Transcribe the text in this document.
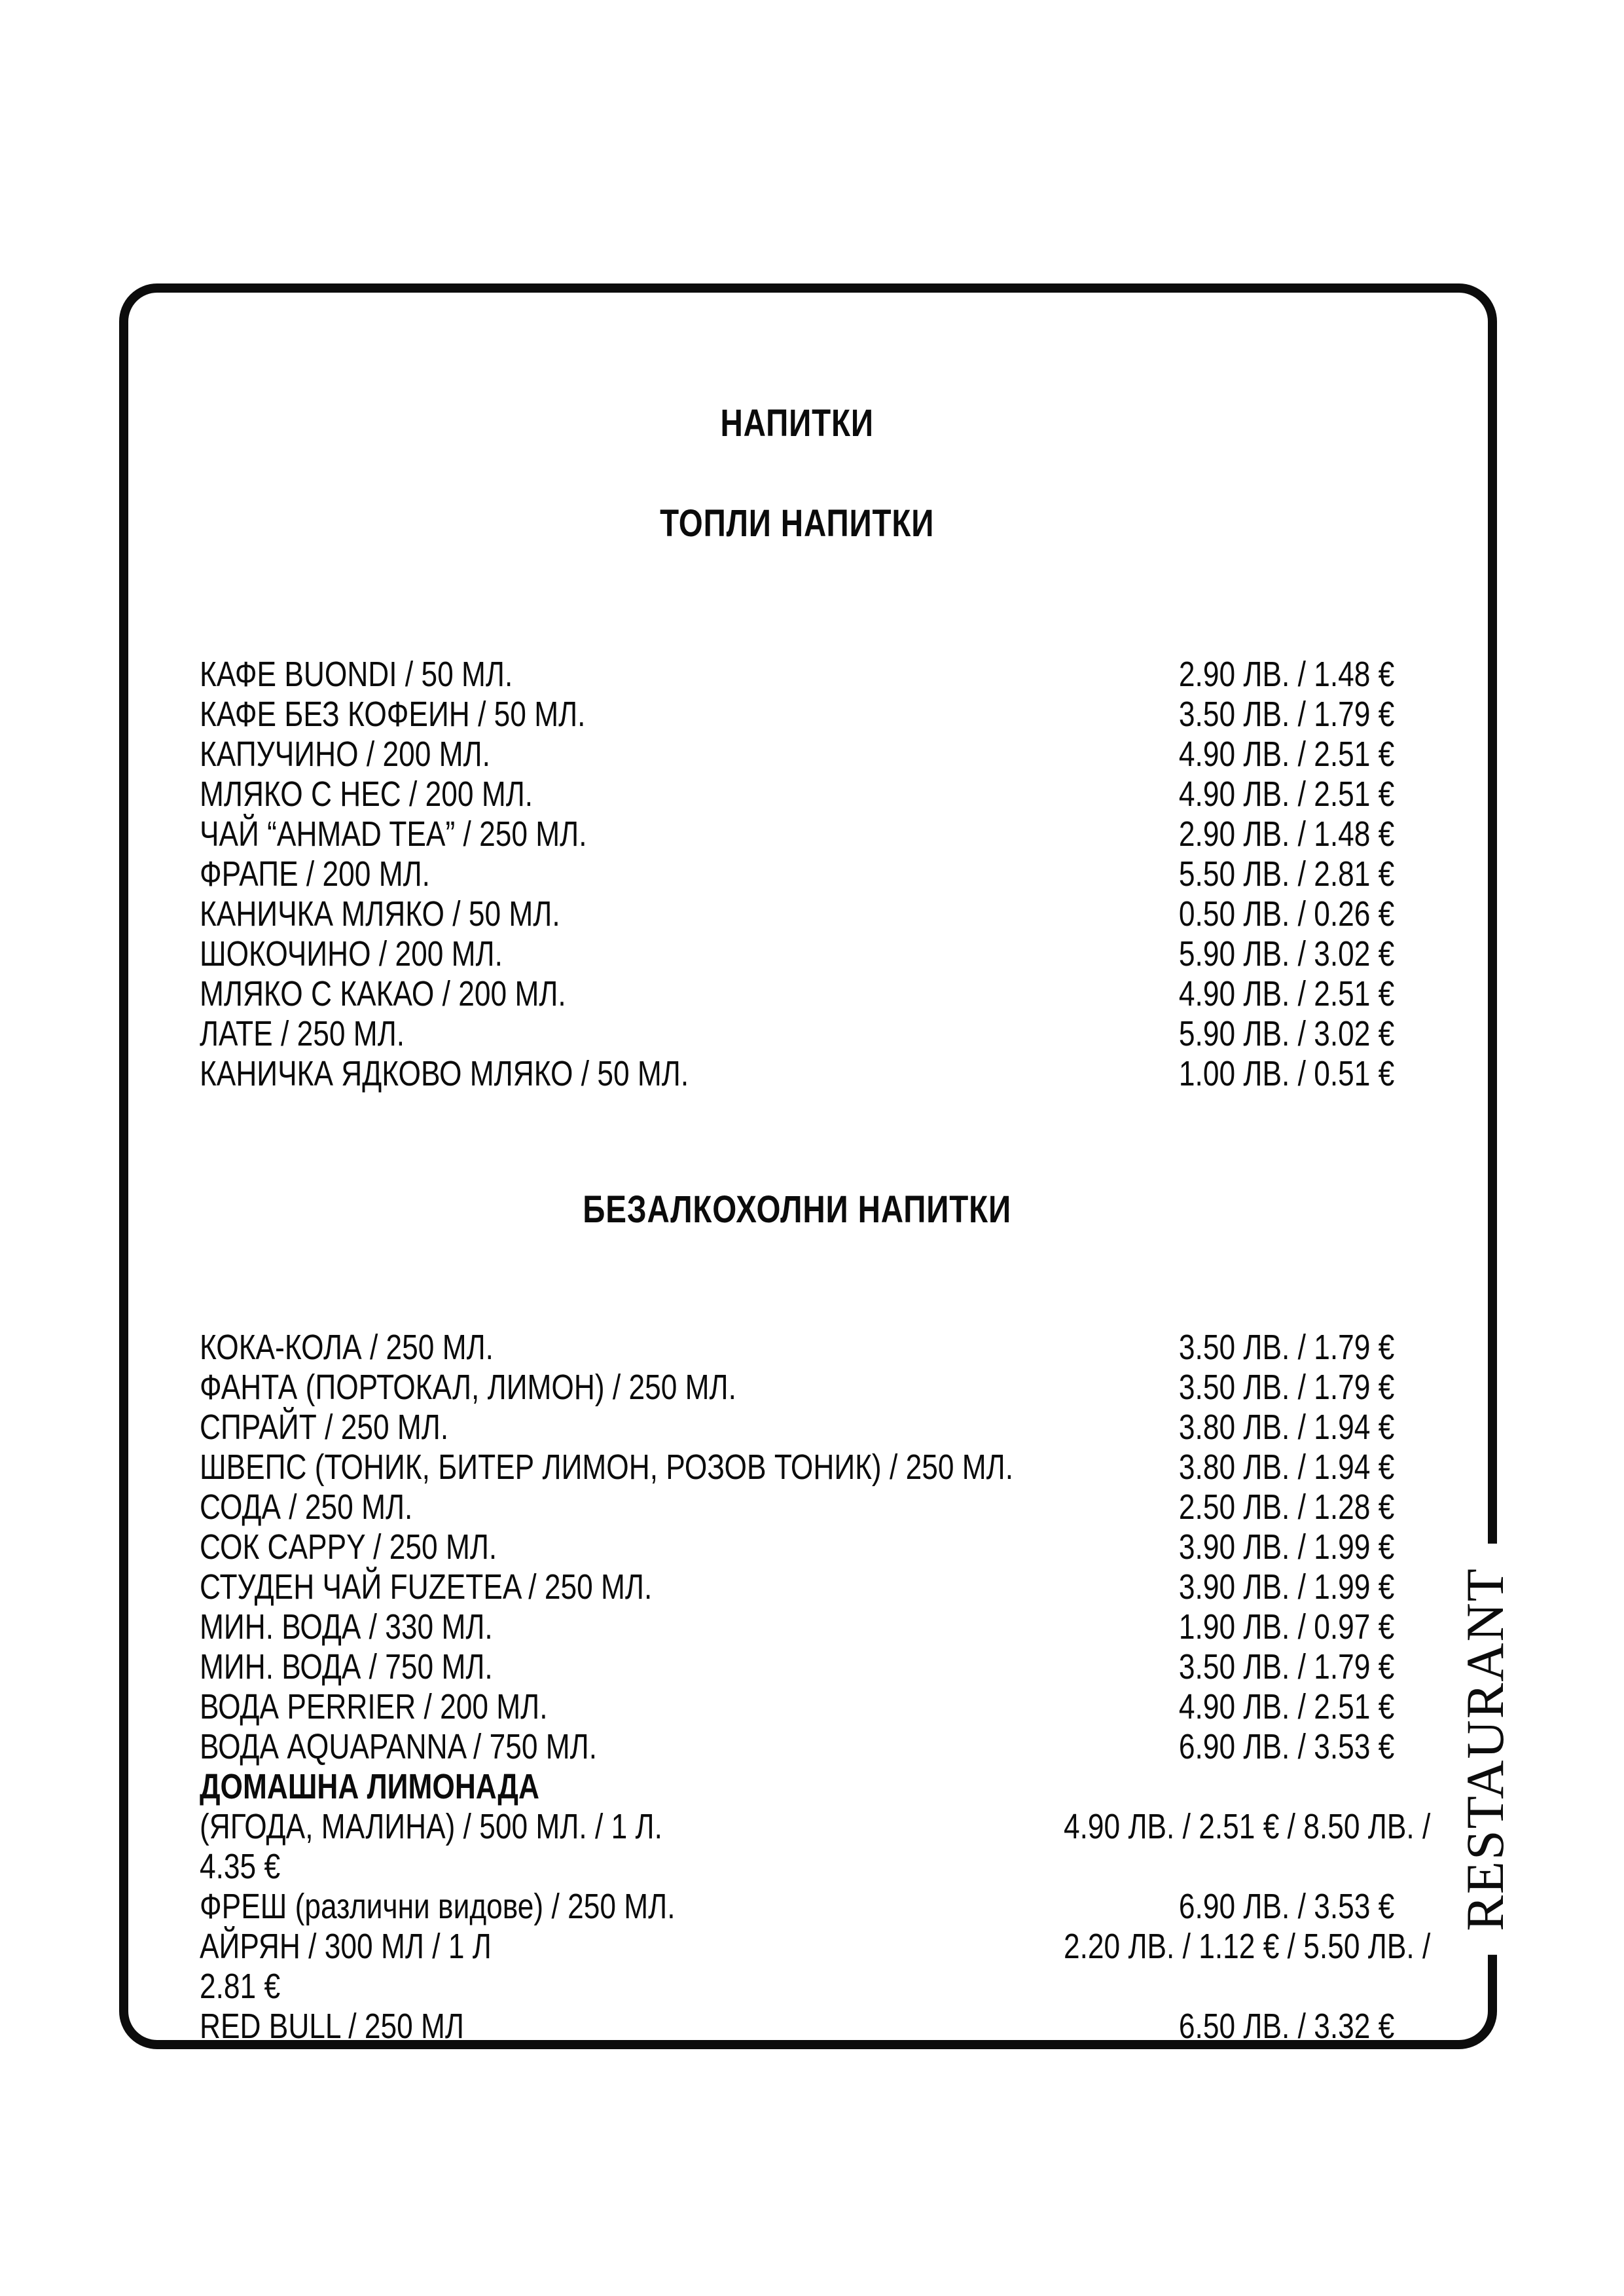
НАПИТКИ
ТОПЛИ НАПИТКИ
КАФЕ BUONDI / 50 МЛ.	2.90 ЛВ. / 1.48 €
КАФЕ БЕЗ КОФЕИН / 50 МЛ.	3.50 ЛВ. / 1.79 €
КАПУЧИНО / 200 МЛ.	4.90 ЛВ. / 2.51 €
МЛЯКО С НЕС / 200 МЛ.	4.90 ЛВ. / 2.51 €
ЧАЙ “AHMAD TEA” / 250 МЛ.	2.90 ЛВ. / 1.48 €
ФРАПЕ / 200 МЛ.	5.50 ЛВ. / 2.81 €
КАНИЧКА МЛЯКО / 50 МЛ.	0.50 ЛВ. / 0.26 €
ШОКОЧИНО / 200 МЛ.	5.90 ЛВ. / 3.02 €
МЛЯКО С КАКАО / 200 МЛ.	4.90 ЛВ. / 2.51 €
ЛАТЕ / 250 МЛ.	5.90 ЛВ. / 3.02 €
КАНИЧКА ЯДКОВО МЛЯКО / 50 МЛ.	1.00 ЛВ. / 0.51 €
БЕЗАЛКОХОЛНИ НАПИТКИ
КОКА-КОЛА / 250 МЛ.	3.50 ЛВ. / 1.79 €
ФАНТА (ПОРТОКАЛ, ЛИМОН) / 250 МЛ.	3.50 ЛВ. / 1.79 €
СПРАЙТ / 250 МЛ.	3.80 ЛВ. / 1.94 €
ШВЕПС (ТОНИК, БИТЕР ЛИМОН, РОЗОВ ТОНИК) / 250 МЛ.	3.80 ЛВ. / 1.94 €
СОДА / 250 МЛ.	2.50 ЛВ. / 1.28 €
СОК CAPPY / 250 МЛ.	3.90 ЛВ. / 1.99 €
СТУДЕН ЧАЙ FUZETEA / 250 МЛ.	3.90 ЛВ. / 1.99 €
МИН. ВОДА / 330 МЛ.	1.90 ЛВ. / 0.97 €
МИН. ВОДА / 750 МЛ.	3.50 ЛВ. / 1.79 €
ВОДА PERRIER / 200 МЛ.	4.90 ЛВ. / 2.51 €
ВОДА AQUAPANNA / 750 МЛ.	6.90 ЛВ. / 3.53 €
ДОМАШНА ЛИМОНАДА
(ЯГОДА, МАЛИНА) / 500 МЛ. / 1 Л.	4.90 ЛВ. / 2.51 € / 8.50 ЛВ. /
4.35 €
ФРЕШ (различни видове) / 250 МЛ.	6.90 ЛВ. / 3.53 €
АЙРЯН / 300 МЛ / 1 Л	2.20 ЛВ. / 1.12 € / 5.50 ЛВ. /
2.81 €
RED BULL / 250 МЛ	6.50 ЛВ. / 3.32 €
RESTAURANT
